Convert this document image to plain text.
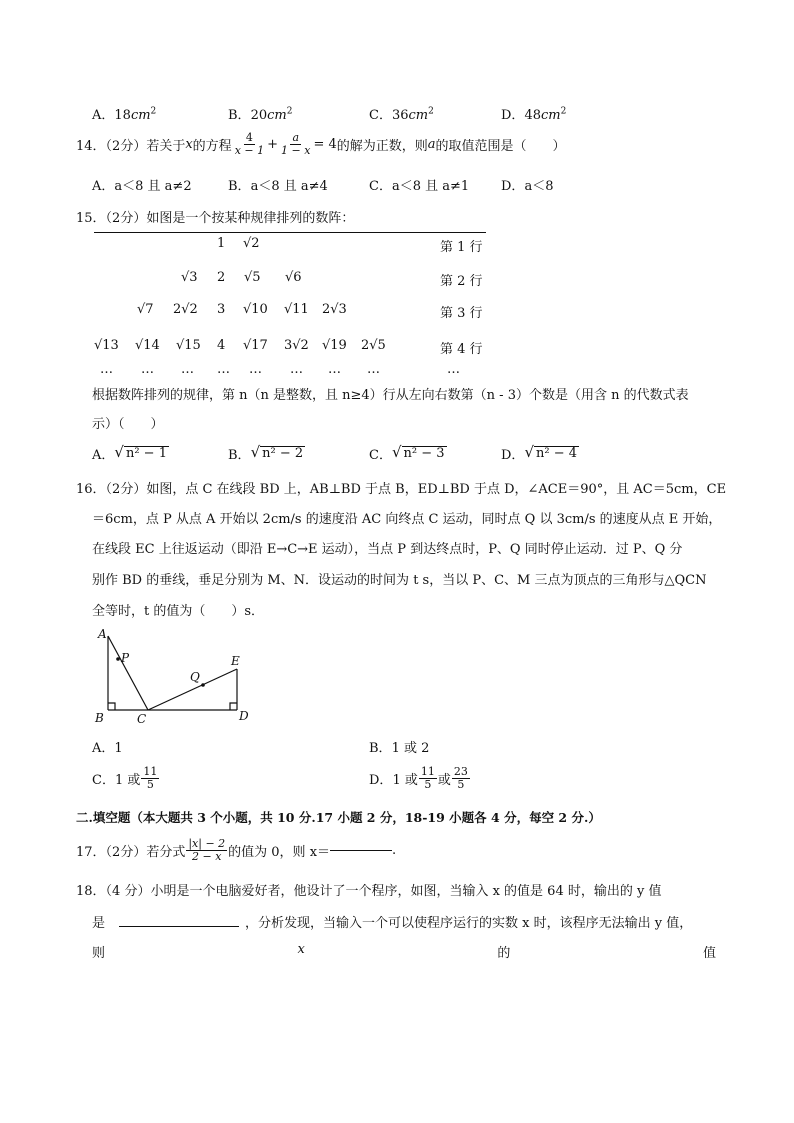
A．$18cm^2$	B．$20cm^2$	C．$36cm^2$	D．$48cm^2$
14．（2分）若关于 x 的方程 $\frac{4}{x - 1} + \frac{a}{1 - x} = 4$ 的解为正数，则 a 的取值范围是（　　）
A．a＜8 且 a≠2	B．a＜8 且 a≠4	C．a＜8 且 a≠1 D．a＜8
15．（2分）如图是一个按某种规律排列的数阵：
1 √2	第 1 行
√3 2 √5 √6	第 2 行
√7 2√2 3 √10 √11 2√3	第 3 行
√13 √14 √15 4 √17 3√2 √19 2√5	第 4 行
… … … … … … … …	…
根据数阵排列的规律，第 n（n 是整数，且 n≥4）行从左向右数第（n - 3）个数是（用含 n 的代数式表
示）（　　）
A． √ n² − 1	B． √ n² − 2	C． √ n² − 3	D． √ n² − 4
16．（2分）如图，点 C 在线段 BD 上，AB⊥BD 于点 B，ED⊥BD 于点 D，∠ACE＝90°，且 AC＝5cm，CE
＝6cm，点 P 从点 A 开始以 2cm/s 的速度沿 AC 向终点 C 运动，同时点 Q 以 3cm/s 的速度从点 E 开始，
在线段 EC 上往返运动（即沿 E→C→E 运动），当点 P 到达终点时，P、Q 同时停止运动．过 P、Q 分
别作 BD 的垂线，垂足分别为 M、N．设运动的时间为 t s，当以 P、C、M 三点为顶点的三角形与△QCN
全等时，t 的值为（　　）s．
A
B	C	D
E
P
Q
A．1	B．1 或 2
C． 1 或 $\frac{11}{5}$	D． 1 或 $\frac{11}{5}$ 或 $\frac{23}{5}$
二.填空题（本大题共 3 个小题，共 10 分.17 小题 2 分，18-19 小题各 4 分，每空 2 分.）
17．（2分）若分式 $\frac{|x| - 2}{2 - x}$ 的值为 0，则 x＝	.
18．（4 分）小明是一个电脑爱好者，他设计了一个程序，如图，当输入 x 的值是 64 时，输出的 y 值
是	，分析发现，当输入一个可以使程序运行的实数 x 时，该程序无法输出 y 值，
则	x	的	值
